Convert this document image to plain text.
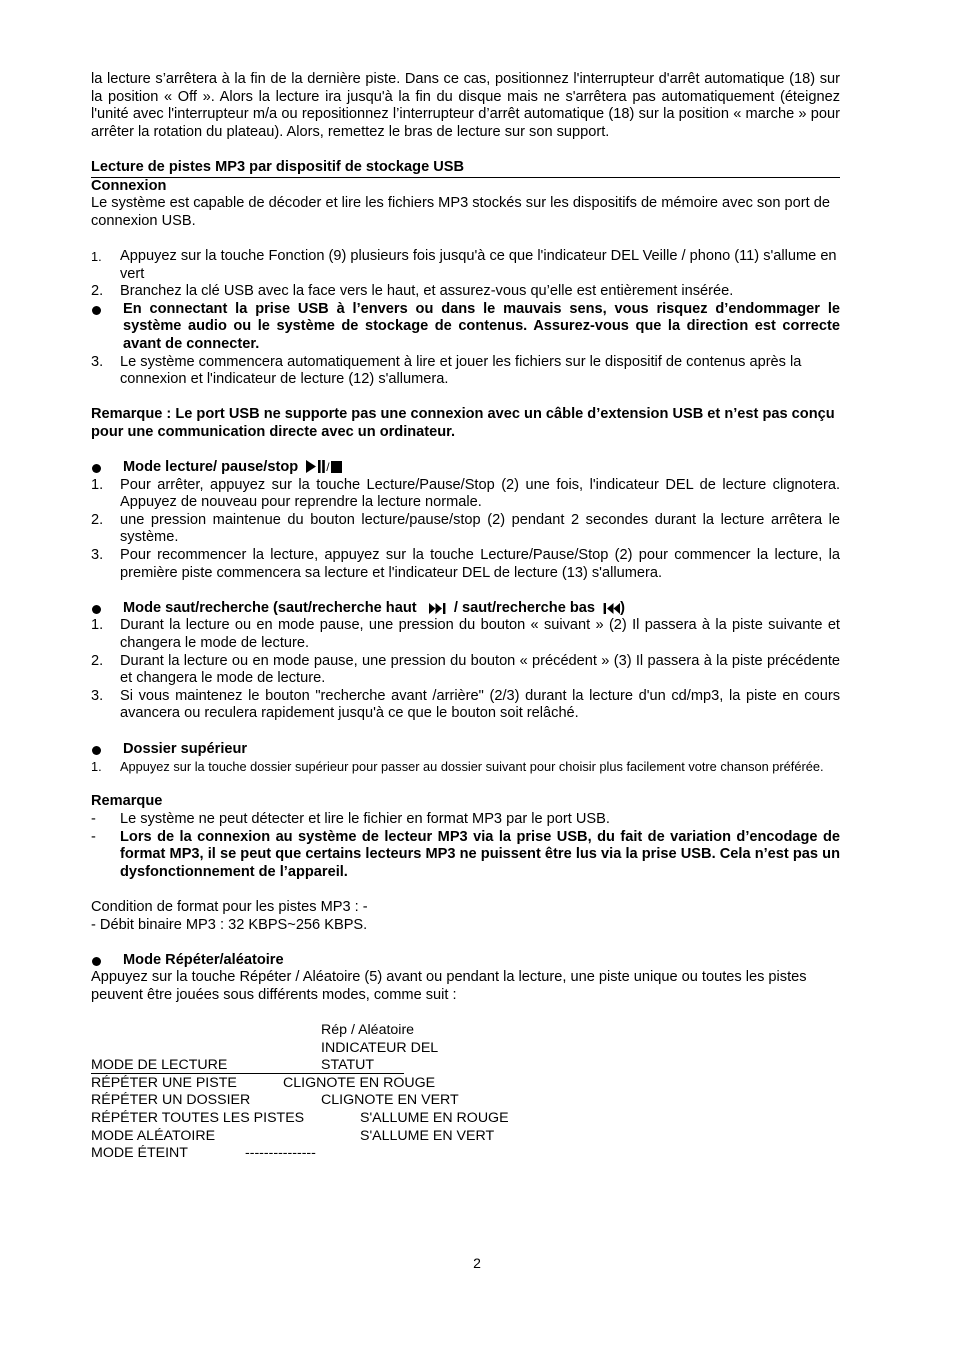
la lecture s’arrêtera à la fin de la dernière piste. Dans ce cas, positionnez l'interrupteur d'arrêt automatique (18) sur la position « Off ». Alors la lecture ira jusqu'à la fin du disque mais ne s'arrêtera pas automatiquement (éteignez l'unité avec l'interrupteur m/a ou repositionnez l’interrupteur d’arrêt automatique (18) sur la position « marche » pour arrêter la rotation du plateau). Alors, remettez le bras de lecture sur son support.

Lecture de pistes MP3 par dispositif de stockage USB

Connexion

Le système est capable de décoder et lire les fichiers MP3 stockés sur les dispositifs de mémoire avec son port de connexion USB.

1. Appuyez sur la touche Fonction (9) plusieurs fois jusqu'à ce que l'indicateur DEL Veille / phono (11) s'allume en vert

2. Branchez la clé USB avec la face vers le haut, et assurez-vous qu’elle est entièrement insérée.

En connectant la prise USB à l’envers ou dans le mauvais sens, vous risquez d’endommager le système audio ou le système de stockage de contenus. Assurez-vous que la direction est correcte avant de connecter.

3. Le système commencera automatiquement à lire et jouer les fichiers sur le dispositif de contenus après la connexion et l'indicateur de lecture (12) s'allumera.

Remarque : Le port USB ne supporte pas une connexion avec un câble d’extension USB et n’est pas conçu pour une communication directe avec un ordinateur.

Mode lecture/ pause/stop /

1. Pour arrêter, appuyez sur la touche Lecture/Pause/Stop (2) une fois, l'indicateur DEL de lecture clignotera. Appuyez de nouveau pour reprendre la lecture normale.

2. une pression maintenue du bouton lecture/pause/stop (2) pendant 2 secondes durant la lecture arrêtera le système.

3. Pour recommencer la lecture, appuyez sur la touche Lecture/Pause/Stop (2) pour commencer la lecture, la première piste commencera sa lecture et l'indicateur DEL de lecture (13) s'allumera.

Mode saut/recherche (saut/recherche haut	/ saut/recherche bas )

1. Durant la lecture ou en mode pause, une pression du bouton « suivant » (2) Il passera à la piste suivante et changera le mode de lecture.

2. Durant la lecture ou en mode pause, une pression du bouton « précédent » (3) Il passera à la piste précédente et changera le mode de lecture.

3. Si vous maintenez le bouton "recherche avant /arrière" (2/3) durant la lecture d'un cd/mp3, la piste en cours avancera ou reculera rapidement jusqu'à ce que le bouton soit relâché.

Dossier supérieur

1. Appuyez sur la touche dossier supérieur pour passer au dossier suivant pour choisir plus facilement votre chanson préférée.

Remarque

- Le système ne peut détecter et lire le fichier en format MP3 par le port USB.

- Lors de la connexion au système de lecteur MP3 via la prise USB, du fait de variation d’encodage de format MP3, il se peut que certains lecteurs MP3 ne puissent être lus via la prise USB. Cela n’est pas un dysfonctionnement de l’appareil.

Condition de format pour les pistes MP3 : -

- Débit binaire MP3 : 32 KBPS~256 KBPS.

Mode Répéter/aléatoire

Appuyez sur la touche Répéter / Aléatoire (5) avant ou pendant la lecture, une piste unique ou toutes les pistes peuvent être jouées sous différents modes, comme suit :

Rép / Aléatoire
INDICATEUR DEL
MODE DE LECTURE	STATUT
RÉPÉTER UNE PISTE	CLIGNOTE EN ROUGE
RÉPÉTER UN DOSSIER	CLIGNOTE EN VERT
RÉPÉTER TOUTES LES PISTES	S'ALLUME EN ROUGE
MODE ALÉATOIRE	S'ALLUME EN VERT
MODE ÉTEINT	---------------
2
